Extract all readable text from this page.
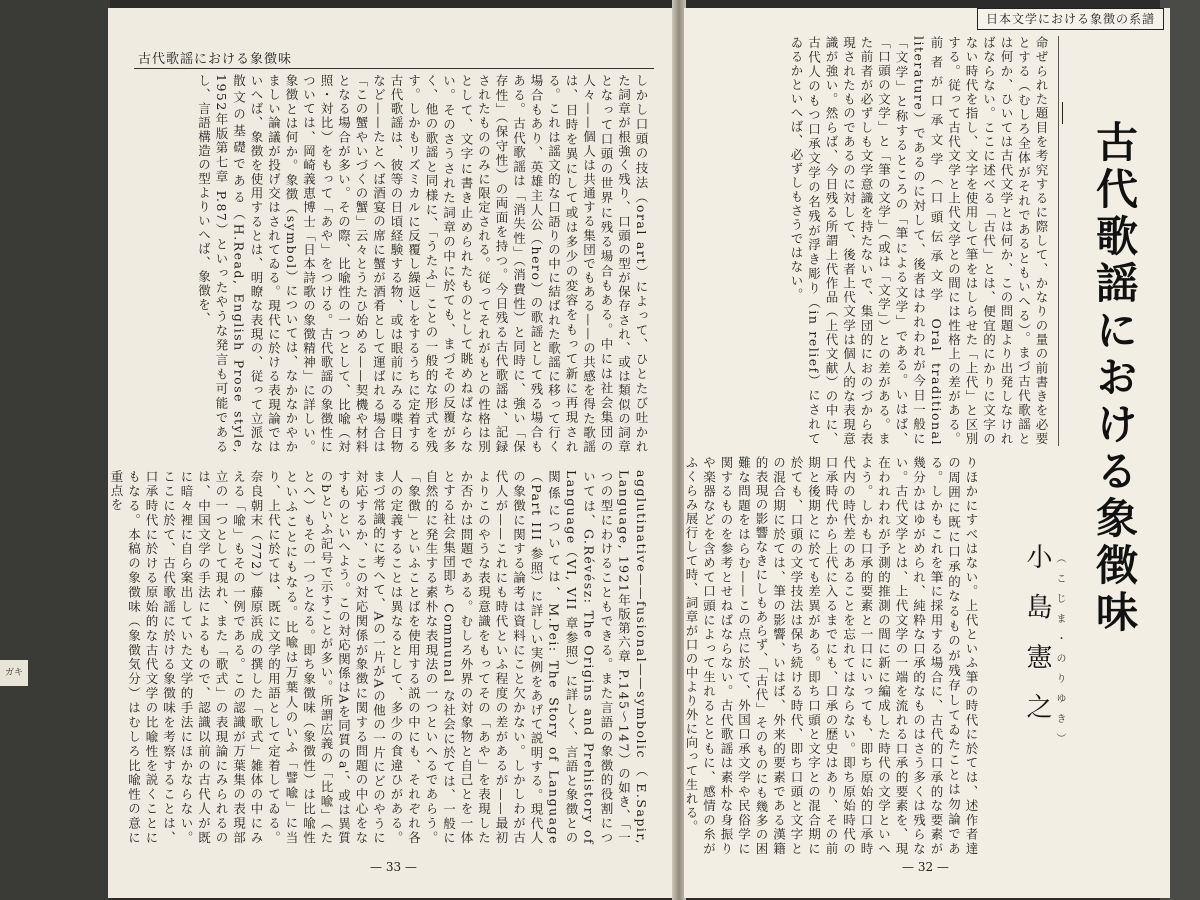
ガキ
古代歌謡における象徴味
しかし口頭の技法（oral art）によって、ひとたび吐かれた詞章が根強く残り、口頭の型が保存され、或は類似の詞章となって口頭の世界に残る場合もある。中には社会集団の人々——個人は共通する集団でもある——の共感を得た歌謡は、日時を異にして或は多少の変容をもって新に再現される。これは謡文的な口語りの中に結ばれた歌謡に移って行く場合もあり、英雄主人公（hero）の歌謡として残る場合もある。古代歌謡は「消失性」（消費性）と同時に、強い「保存性」（保守性）の両面を持つ。今日残る古代歌謡は、記録されたもののみに限定される。従ってそれがもとの性格は別として、文字に書き止められたものとして眺めねばならない。そのさうされた詞章の中に於ても、まづその反覆が多く、他の歌謡と同様に、「うたふ」ことの一般的な形式を残す。しかもリズミカルに反覆し繰返しをするうちに定着する古代歌謡は、彼等の日頃経験する物、或は眼前にみる喋日物など——たとへば酒宴の席に蟹が酒肴として運ばれる場合は「この蟹やいづくの蟹」云々とうたひ始める——契機や材料となる場合が多い。その際、比喩性の一つとして、比喩（対照・対比）をもって「あや」をつける。古代歌謡の象徴性については、岡崎義恵博士「日本詩歌の象徴精神」に詳しい。象徴とは何か。象徴（symbol）については、なかなかやかましい論議が投げ交はされてゐる。現代に於ける表現論ではいへば、象徴を使用するとは、明瞭な表現の、従って立派な散文の基礎である（H.Read, English Prose style, 1952年版第七章 P.87）といったやうな発言も可能であるし、言語構造の型よりいへば、象徴を、
agglutinative——fusional——symbolic（E.Sapir, Language, 1921年版第六章 P.145〜147）の如き、「一つの型にわけることもできる。また言語の象徴的役割については、G.Révész: The Origins and Prehistory of Language（VI, VII 章参照）に詳しく、言語と象徴との関係については、M.Pei: The Story of Language（Part III 参照）に詳しい実例をあげて説明する。現代人の象徴に関する論考は資料にこと欠かない。しかしわが古代人が——これにも時代といふ程度の差があるが——最初よりこのやうな表現意識をもってその「あや」を表現したか否かは問題である。むしろ外界の対象物と自己とを一体とする社会集団即ち Communal な社会に於ては、一般に自然的に発生する素朴な表現法の一つといへるであらう。「象徴」といふことばを使用する説の中にも、それぞれ各人の定義することは異なるとして、多少の食違ひがある。まづ常識的に考へて、Aの一片がAの他の一片にどのやうに対応するか、この対応関係が象徴に関する問題の中心をなすものといへよう。この対応関係はAを同質のa'、或は異質のbといふ記号で示すことが多い。所謂広義の「比喩」（たとへ）もその一つとなる。即ち象徴味（象徴性）は比喩性といふことにもなる。比喩は万葉人のいふ「譬喩」に当り、上代に於ては、既に文学的用語として定着してゐる。奈良朝末（772）藤原浜成の撰した「歌式」雑体の中にみえる「喩」もその一例である。この認識が万葉集の表現部立の一つとして現れ、また「歌式」の表現論にみられるのは、中国文学の手法によるもので、認識以前の古代人が既に暗々裡に自ら案出していた文学的手法にほかならない。ここに於て、古代歌謡に於ける象徴味を考察することは、口承時代に於ける原始的な古代文学の比喩性を説くことにもなる。本稿の象徴味（象徴気分）はむしろ比喩性の意に重点を
— 33 —
日本文学における象徴の系譜
命ぜられた題目を考究するに際して、かなりの量の前書きを必要とする（むしろ全体がそれであるともいへる）。まづ古代歌謡とは何か、ひいては古代文学とは何か、この問題より出発しなければならない。ここに述べる「古代」とは、便宜的にかりに文字のない時代を指し、文字を使用して筆をはしらせた「上代」と区別する。従って古代文学と上代文学との間には性格上の差がある。前者が口承文学（口頭伝承文学 Oral traditional literature）であるのに対して、後者はわれわれが今日一般に「文学」と称するところの「筆による文学」である。いはば、「口頭の文学」と「筆の文学」（或は「文学」）との差がある。また前者が必ずしも文学意識を持たないで、集団的におのづから表現されたものであるのに対して、後者上代文学は個人的な表現意識が強い。然らば、今日残る所謂上代作品（上代文献）の中に、古代人のもつ口承文学の名残が浮き彫り（in relief）にされてゐるかといへば、必ずしもさうではない。	古代歌謡における象徴味
小島憲之 （こじま・のりゆき）
りほかにすべはない。上代といふ筆の時代に於ては、述作者達の周囲に既に口承的なるものが残存してゐたことは勿論である。しかもこれを筆に採用する場合に、古代的口承的な要素が幾分かはゆがめられ、純粋な口承的なものはさう多くは残らない。古代文学とは、上代文学の一端を流れる口承的要素を、現在われわれが予測的推測の間に新に編成した時代の文学といへよう。しかも口承的要素と一口にいっても、即ち原始的口承時代内の時代差のあることを忘れてはならない。即ち原始時代の口承時代から上代に入るまでにも、口承の歴史はあり、その前期と後期とに於ても差異がある。即ち口頭と文字との混合期に於ても、口頭の文学技法は保ち続ける時代、即ち口頭と文字との混合期に於ては、筆の影響、いはば、外来的要素である漢籍的表現の影響なきにしもあらず、「古代」そのものにも幾多の困難な問題をはらむ——この点に於て、外国口承文学や民俗学に関するものを参考とせねばならない。古代歌謡は素朴な身振りや楽器などを含めて口頭によって生れるとともに、感情の糸がふくらみ展行して時、詞章が口の中より外に向って生れる。
— 32 —
